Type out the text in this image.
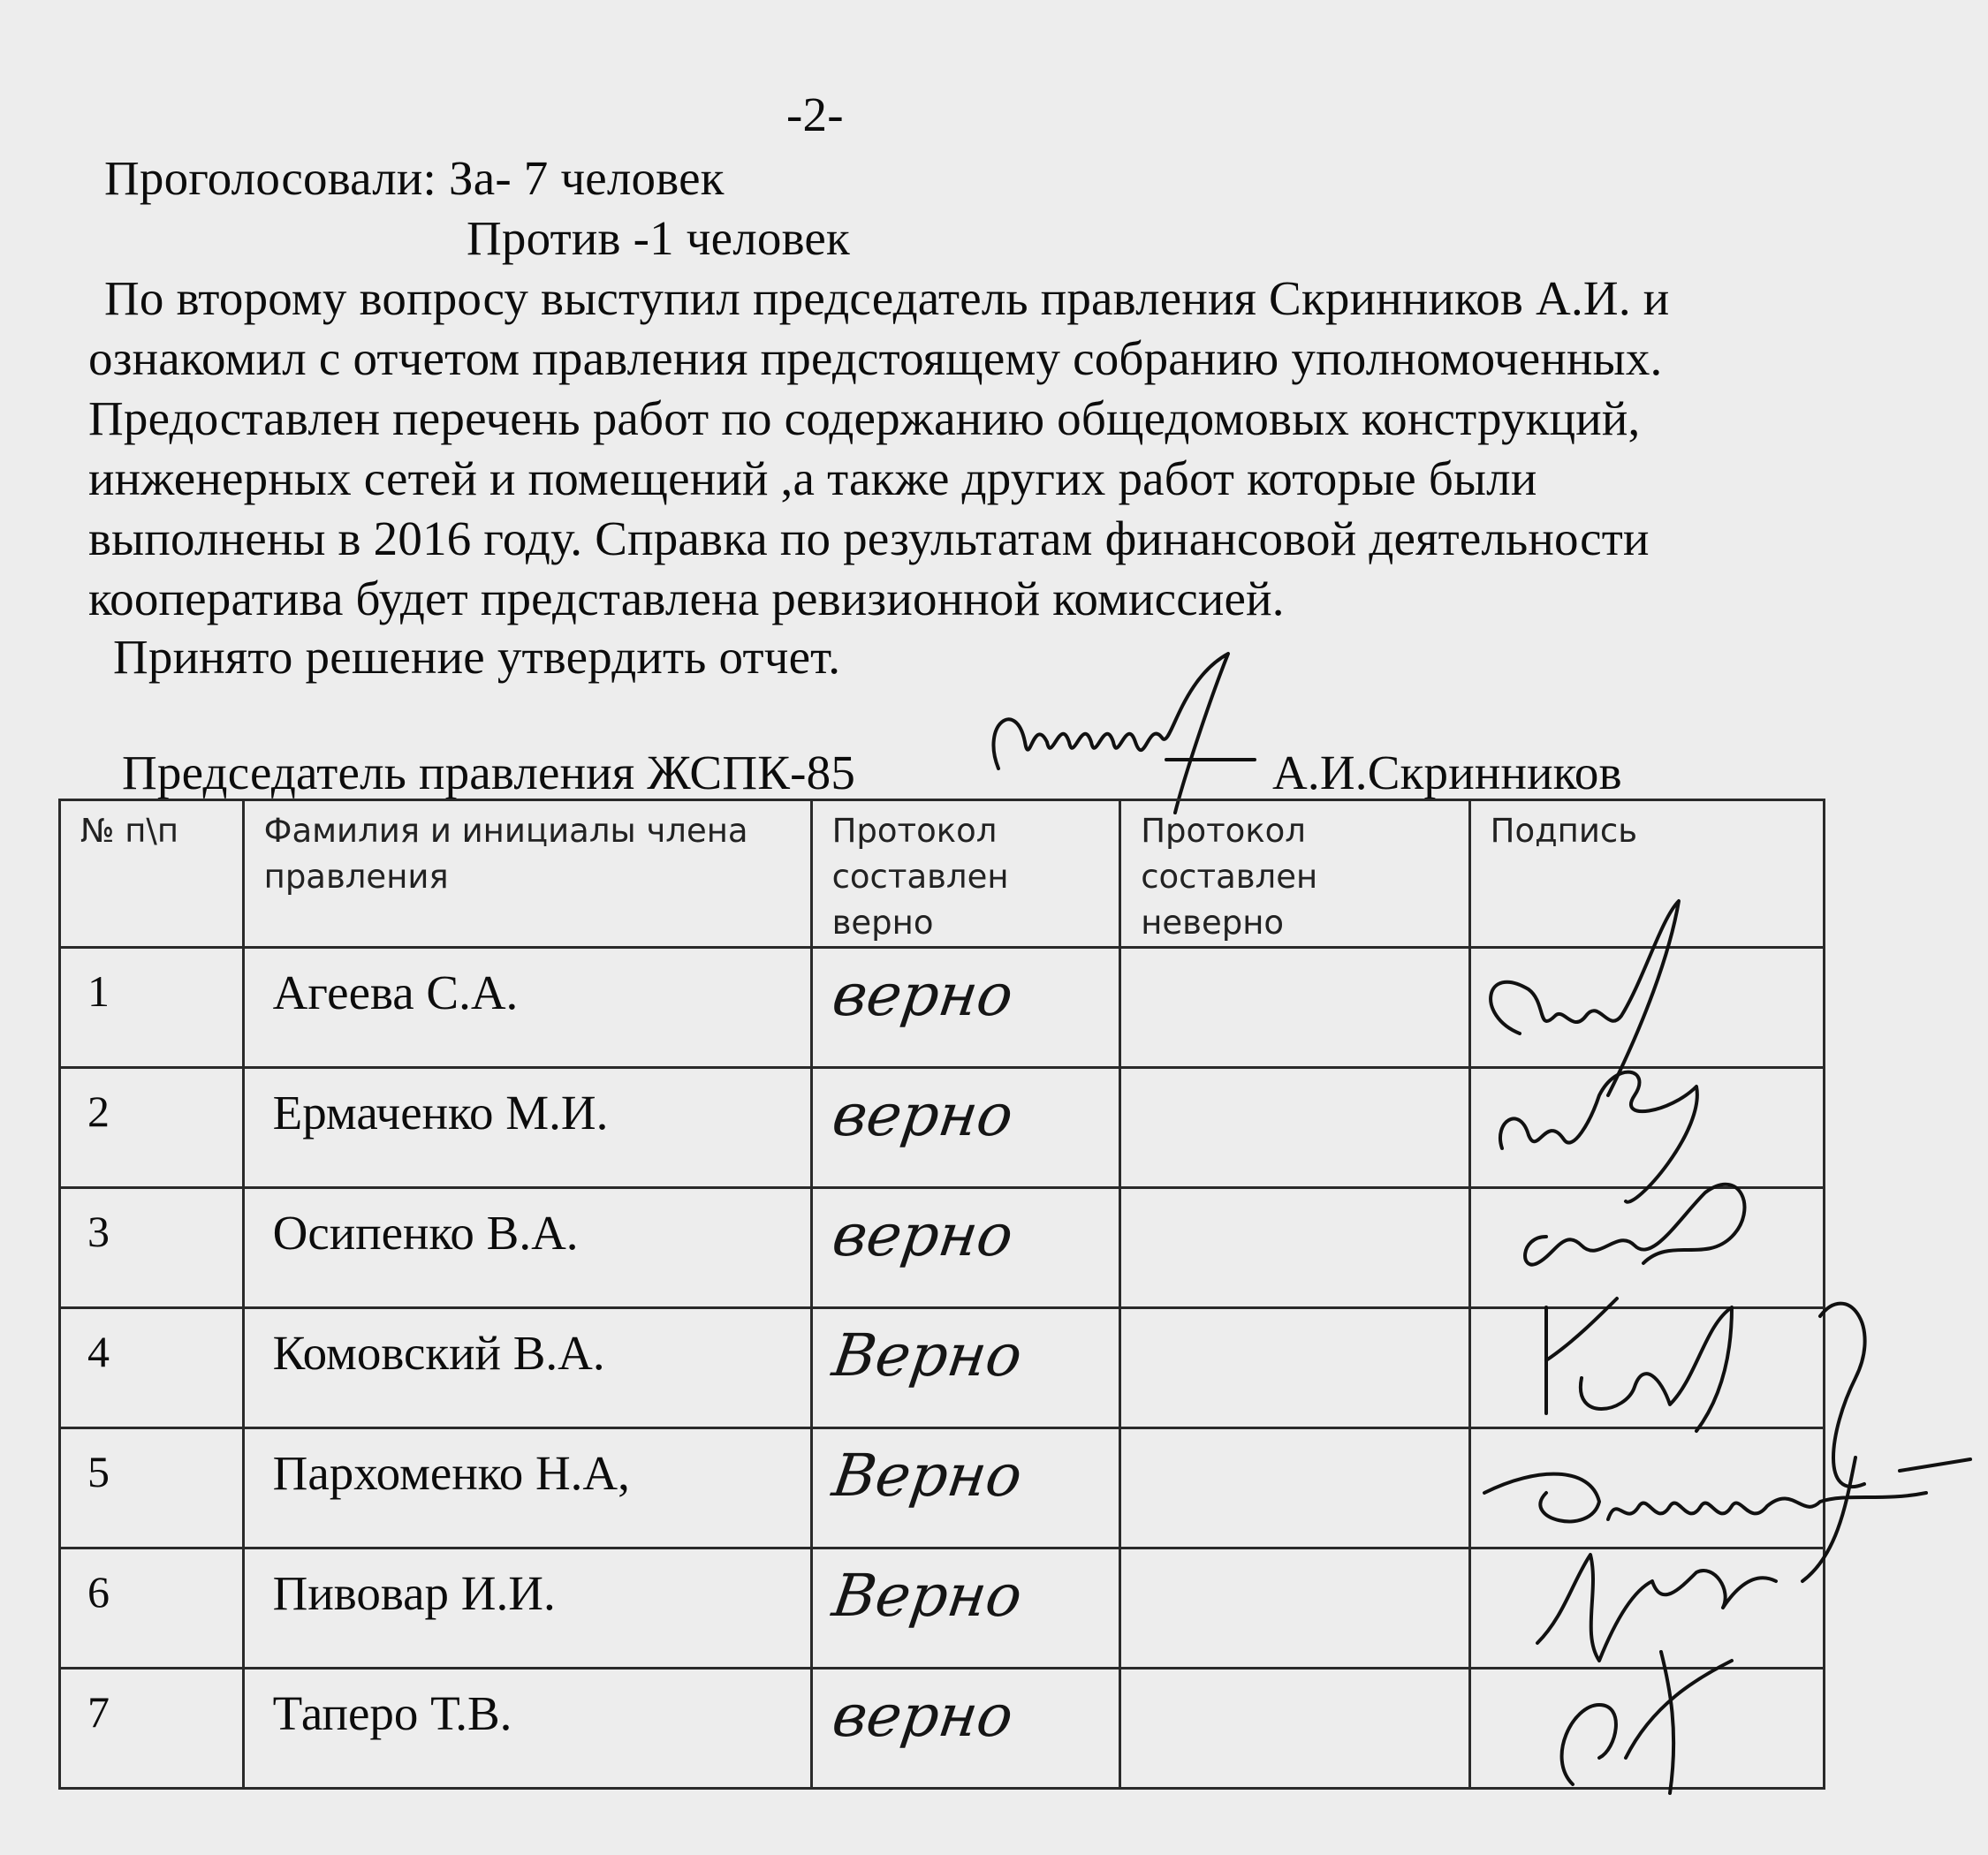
-2-
Проголосовали: За- 7 человек
Против -1 человек
По второму вопросу выступил председатель правления Скринников А.И. и
ознакомил с отчетом правления предстоящему собранию уполномоченных.
Предоставлен перечень работ по содержанию общедомовых конструкций,
инженерных сетей и помещений ,а также других работ которые были
выполнены в 2016 году. Справка по результатам финансовой деятельности
кооператива будет представлена ревизионной комиссией.
Принято решение утвердить отчет.
Председатель правления ЖСПК-85	А.И.Скринников
№ п\п	Фамилия и инициалы члена правления	Протокол составлен верно	Протокол составлен неверно	Подпись
1	Агеева С.А.	верно		
2	Ермаченко М.И.	верно		
3	Осипенко В.А.	верно		
4	Комовский В.А.	Верно		
5	Пархоменко Н.А,	Верно		
6	Пивовар И.И.	Верно		
7	Таперо Т.В.	верно		
